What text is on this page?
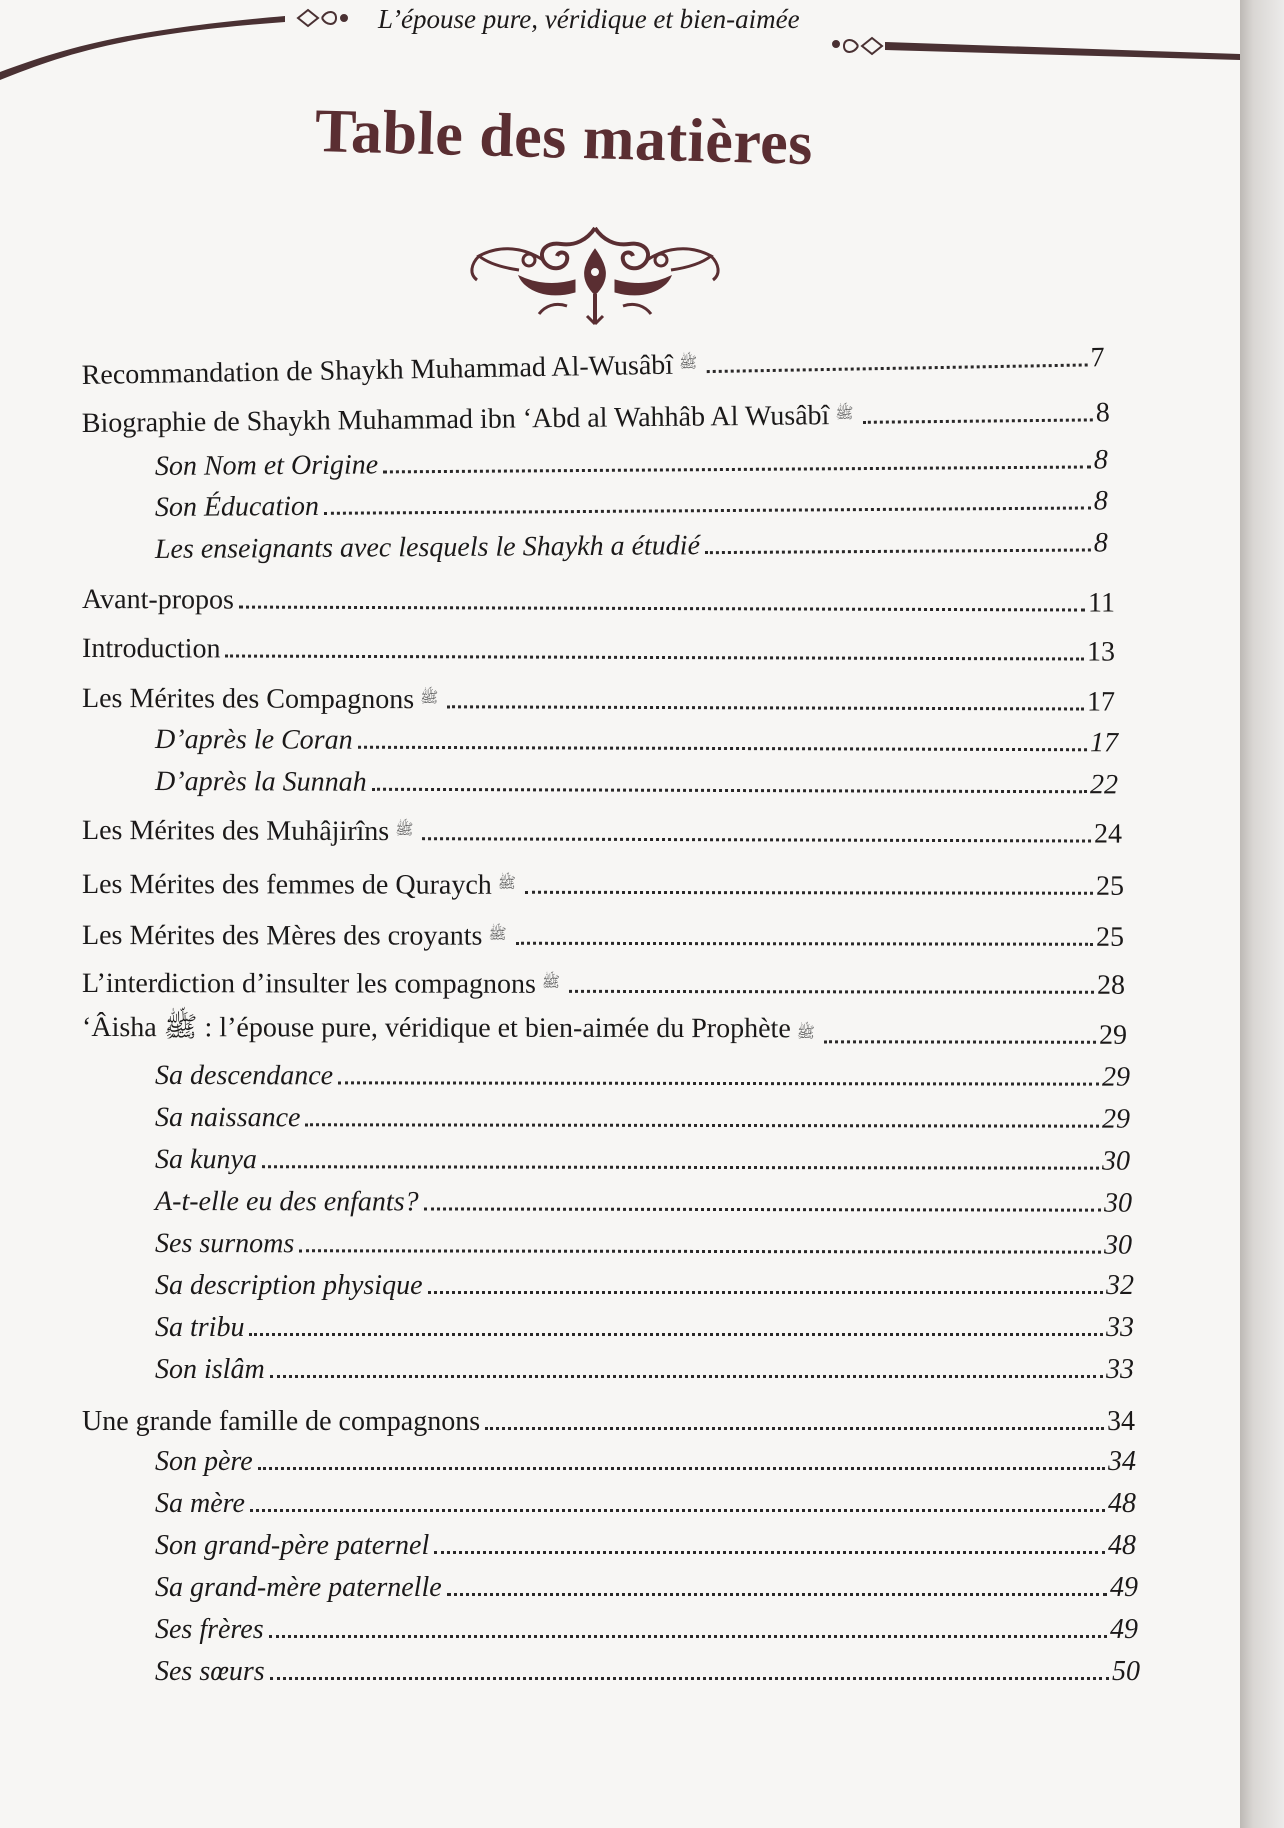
L’épouse pure, véridique et bien-aimée
Table des matières
Recommandation de Shaykh Muhammad Al-Wusâbî ﷺ	7
Biographie de Shaykh Muhammad ibn ‘Abd al Wahhâb Al Wusâbî ﷺ	8
Son Nom et Origine	8
Son Éducation	8
Les enseignants avec lesquels le Shaykh a étudié	8
Avant-propos	11
Introduction	13
Les Mérites des Compagnons ﷺ	17
D’après le Coran	17
D’après la Sunnah	22
Les Mérites des Muhâjirîns ﷺ	24
Les Mérites des femmes de Quraych ﷺ	25
Les Mérites des Mères des croyants ﷺ	25
L’interdiction d’insulter les compagnons ﷺ	28
‘Âisha ﷺ : l’épouse pure, véridique et bien-aimée du Prophète ﷺ	29
Sa descendance	29
Sa naissance	29
Sa kunya	30
A-t-elle eu des enfants?	30
Ses surnoms	30
Sa description physique	32
Sa tribu	33
Son islâm	33
Une grande famille de compagnons	34
Son père	34
Sa mère	48
Son grand-père paternel	48
Sa grand-mère paternelle	49
Ses frères	49
Ses sœurs	50
